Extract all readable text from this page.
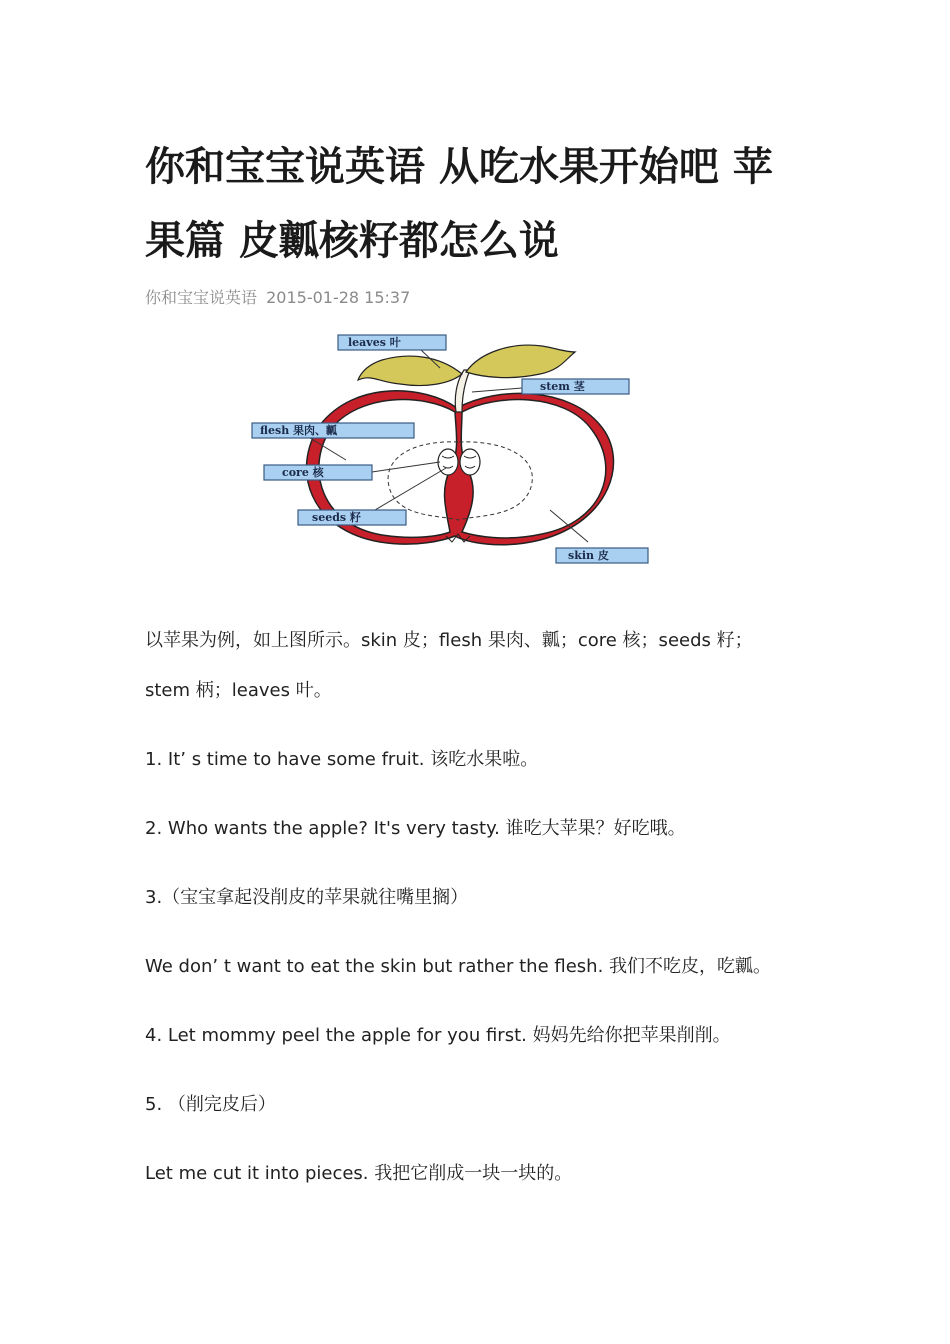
你和宝宝说英语 从吃水果开始吧 苹果篇 皮瓤核籽都怎么说
你和宝宝说英语 2015-01-28 15:37
leaves 叶
stem 茎
flesh 果肉、瓤
core 核
seeds 籽
skin 皮

以苹果为例，如上图所示。skin 皮；flesh 果肉、瓤；core 核；seeds 籽；

stem 柄；leaves 叶。

1. It’ s time to have some fruit. 该吃水果啦。

2. Who wants the apple? It's very tasty. 谁吃大苹果？好吃哦。

3.（宝宝拿起没削皮的苹果就往嘴里搁）

We don’ t want to eat the skin but rather the flesh. 我们不吃皮，吃瓤。

4. Let mommy peel the apple for you first. 妈妈先给你把苹果削削。

5. （削完皮后）

Let me cut it into pieces. 我把它削成一块一块的。
